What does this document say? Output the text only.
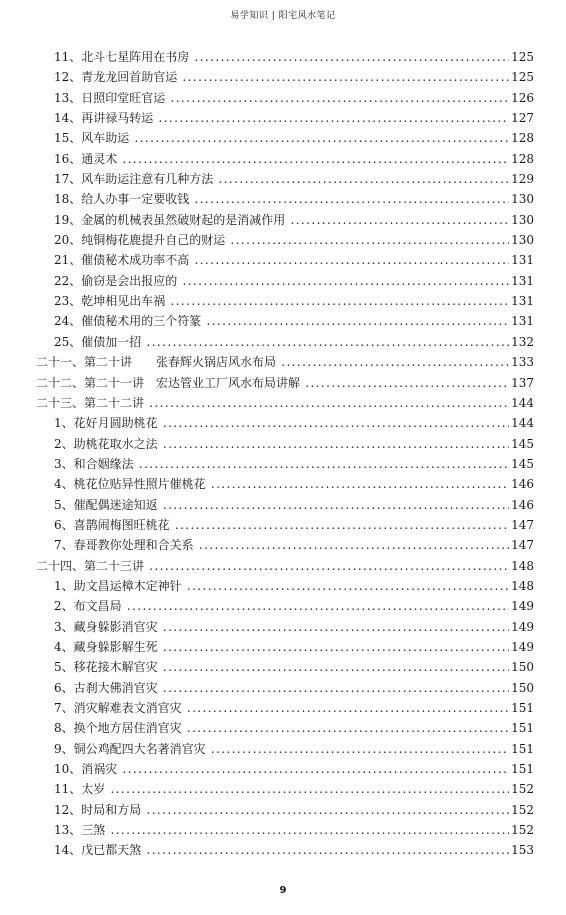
易学知识 | 阳宅风水笔记
11、北斗七星阵用在书房 .....	125
12、青龙龙回首助官运 .....	125
13、日照印堂旺官运 .....	126
14、再讲禄马转运 .....	127
15、风车助运 .....	128
16、通灵术 .....	128
17、风车助运注意有几种方法 .....	129
18、给人办事一定要收钱 .....	130
19、金属的机械表虽然破财起的是消减作用 .....	130
20、纯铜梅花鹿提升自己的财运 .....	130
21、催债秘术成功率不高 .....	131
22、偷窃是会出报应的 .....	131
23、乾坤相见出车祸 .....	131
24、催债秘术用的三个符篆 .....	131
25、催债加一招 .....	132
二十一、第二十讲　　张春辉火锅店风水布局 .....	133
二十二、第二十一讲　宏达管业工厂风水布局讲解 .....	137
二十三、第二十二讲 .....	144
1、花好月圆助桃花 .....	144
2、助桃花取水之法 .....	145
3、和合姻缘法 .....	145
4、桃花位贴异性照片催桃花 .....	146
5、催配偶迷途知返 .....	146
6、喜鹊闹梅图旺桃花 .....	147
7、春哥教你处理和合关系 .....	147
二十四、第二十三讲 .....	148
1、助文昌运樟木定神针 .....	148
2、布文昌局 .....	149
3、藏身躲影消官灾 .....	149
4、藏身躲影解生死 .....	149
5、移花接木解官灾 .....	150
6、古刹大佛消官灾 .....	150
7、消灾解难表文消官灾 .....	151
8、换个地方居住消官灾 .....	151
9、铜公鸡配四大名著消官灾 .....	151
10、消祸灾 .....	151
11、太岁 .....	152
12、时局和方局 .....	152
13、三煞 .....	152
14、戊已都天煞 .....	153
9
